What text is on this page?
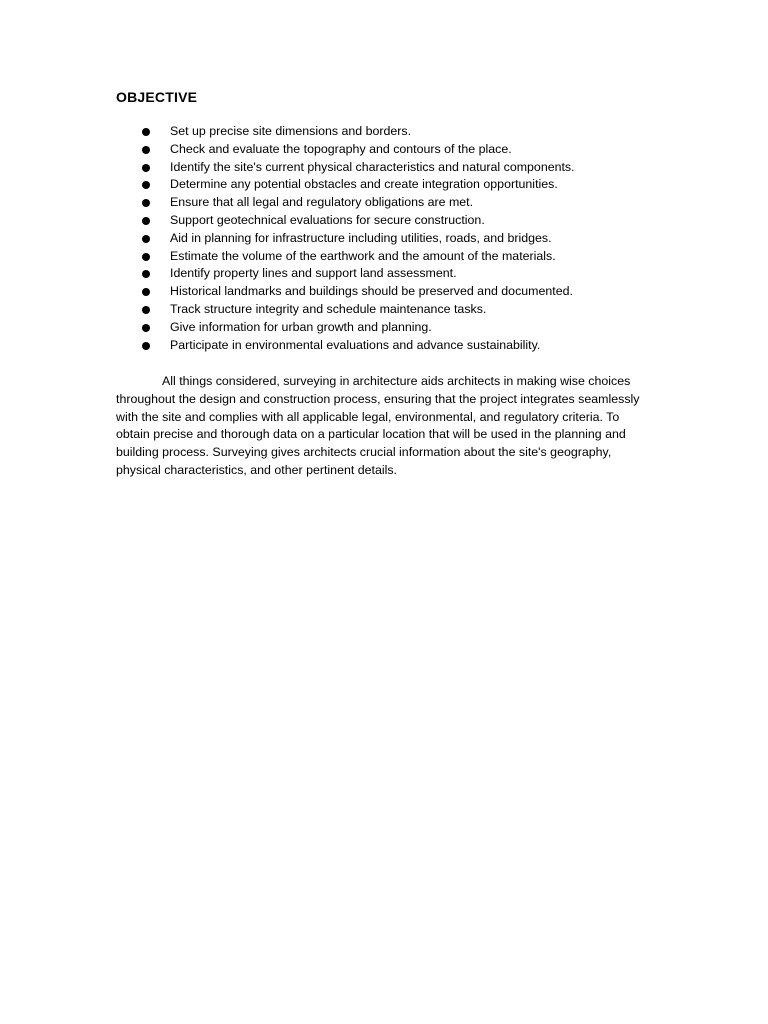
OBJECTIVE
Set up precise site dimensions and borders.
Check and evaluate the topography and contours of the place.
Identify the site's current physical characteristics and natural components.
Determine any potential obstacles and create integration opportunities.
Ensure that all legal and regulatory obligations are met.
Support geotechnical evaluations for secure construction.
Aid in planning for infrastructure including utilities, roads, and bridges.
Estimate the volume of the earthwork and the amount of the materials.
Identify property lines and support land assessment.
Historical landmarks and buildings should be preserved and documented.
Track structure integrity and schedule maintenance tasks.
Give information for urban growth and planning.
Participate in environmental evaluations and advance sustainability.

All things considered, surveying in architecture aids architects in making wise choices throughout the design and construction process, ensuring that the project integrates seamlessly with the site and complies with all applicable legal, environmental, and regulatory criteria. To obtain precise and thorough data on a particular location that will be used in the planning and building process. Surveying gives architects crucial information about the site's geography, physical characteristics, and other pertinent details.
